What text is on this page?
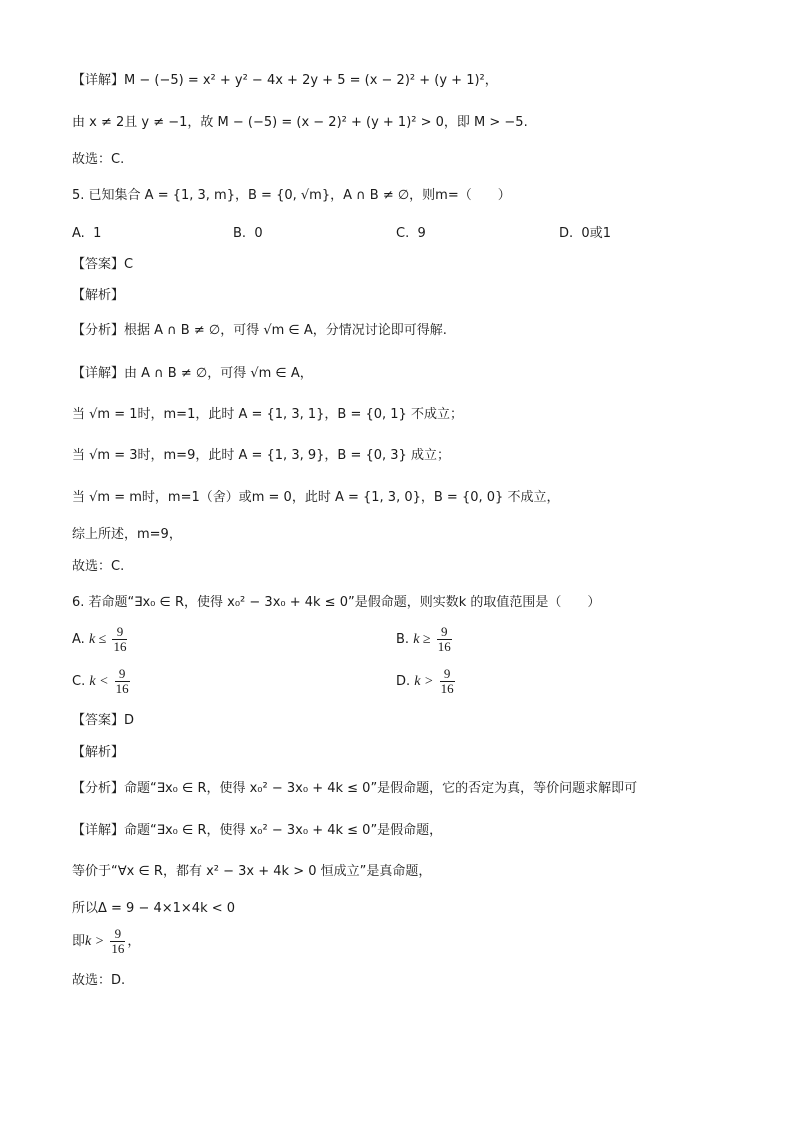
【详解】M − (−5) = x² + y² − 4x + 2y + 5 = (x − 2)² + (y + 1)²，
由 x ≠ 2且 y ≠ −1，故 M − (−5) = (x − 2)² + (y + 1)² > 0，即 M > −5.
故选：C.
5. 已知集合 A = {1, 3, m}，B = {0, √m}，A ∩ B ≠ ∅，则m=（　　）
A. 1	B. 0	C. 9	D. 0或1
【答案】C
【解析】
【分析】根据 A ∩ B ≠ ∅，可得 √m ∈ A，分情况讨论即可得解.
【详解】由 A ∩ B ≠ ∅，可得 √m ∈ A，
当 √m = 1时，m=1，此时 A = {1, 3, 1}，B = {0, 1} 不成立；
当 √m = 3时，m=9，此时 A = {1, 3, 9}，B = {0, 3} 成立；
当 √m = m时，m=1（舍）或m = 0，此时 A = {1, 3, 0}，B = {0, 0} 不成立，
综上所述，m=9，
故选：C.
6. 若命题“∃x₀ ∈ R，使得 x₀² − 3x₀ + 4k ≤ 0”是假命题，则实数k 的取值范围是（　　）
A. $k \le \frac{9}{16}$	B. $k \ge \frac{9}{16}$
C. $k < \frac{9}{16}$	D. $k > \frac{9}{16}$
【答案】D
【解析】
【分析】命题“∃x₀ ∈ R，使得 x₀² − 3x₀ + 4k ≤ 0”是假命题，它的否定为真，等价问题求解即可
【详解】命题“∃x₀ ∈ R，使得 x₀² − 3x₀ + 4k ≤ 0”是假命题，
等价于“∀x ∈ R，都有 x² − 3x + 4k > 0 恒成立”是真命题，
所以Δ = 9 − 4×1×4k < 0
即$k > \frac{9}{16}$ ，
故选：D.
